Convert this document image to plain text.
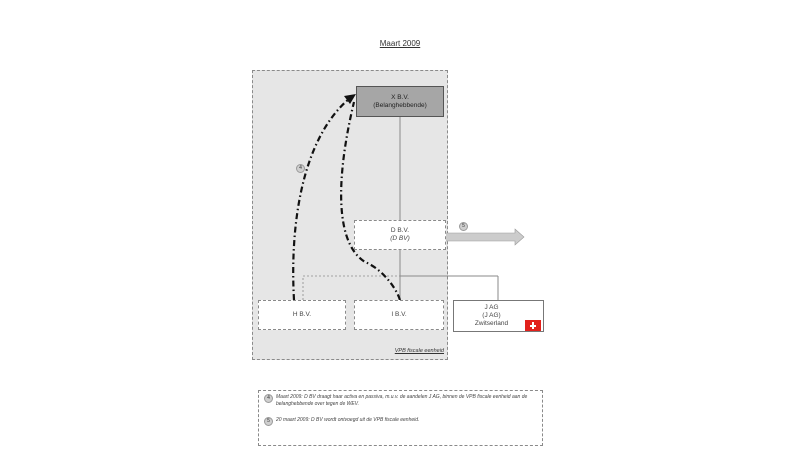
Maart 2009
X B.V.
(Belanghebbende)
D B.V.
(D BV)
H B.V.	I B.V.
J AG
(J AG)
Zwitserland
4
5
VPB fiscale eenheid
4	Maart 2009: D BV draagt haar activa en passiva, m.u.v. de aandelen J AG, binnen de VPB fiscale eenheid aan de belanghebbende over tegen de WEV.
5	20 maart 2009: D BV wordt ontvoegd uit de VPB fiscale eenheid.
